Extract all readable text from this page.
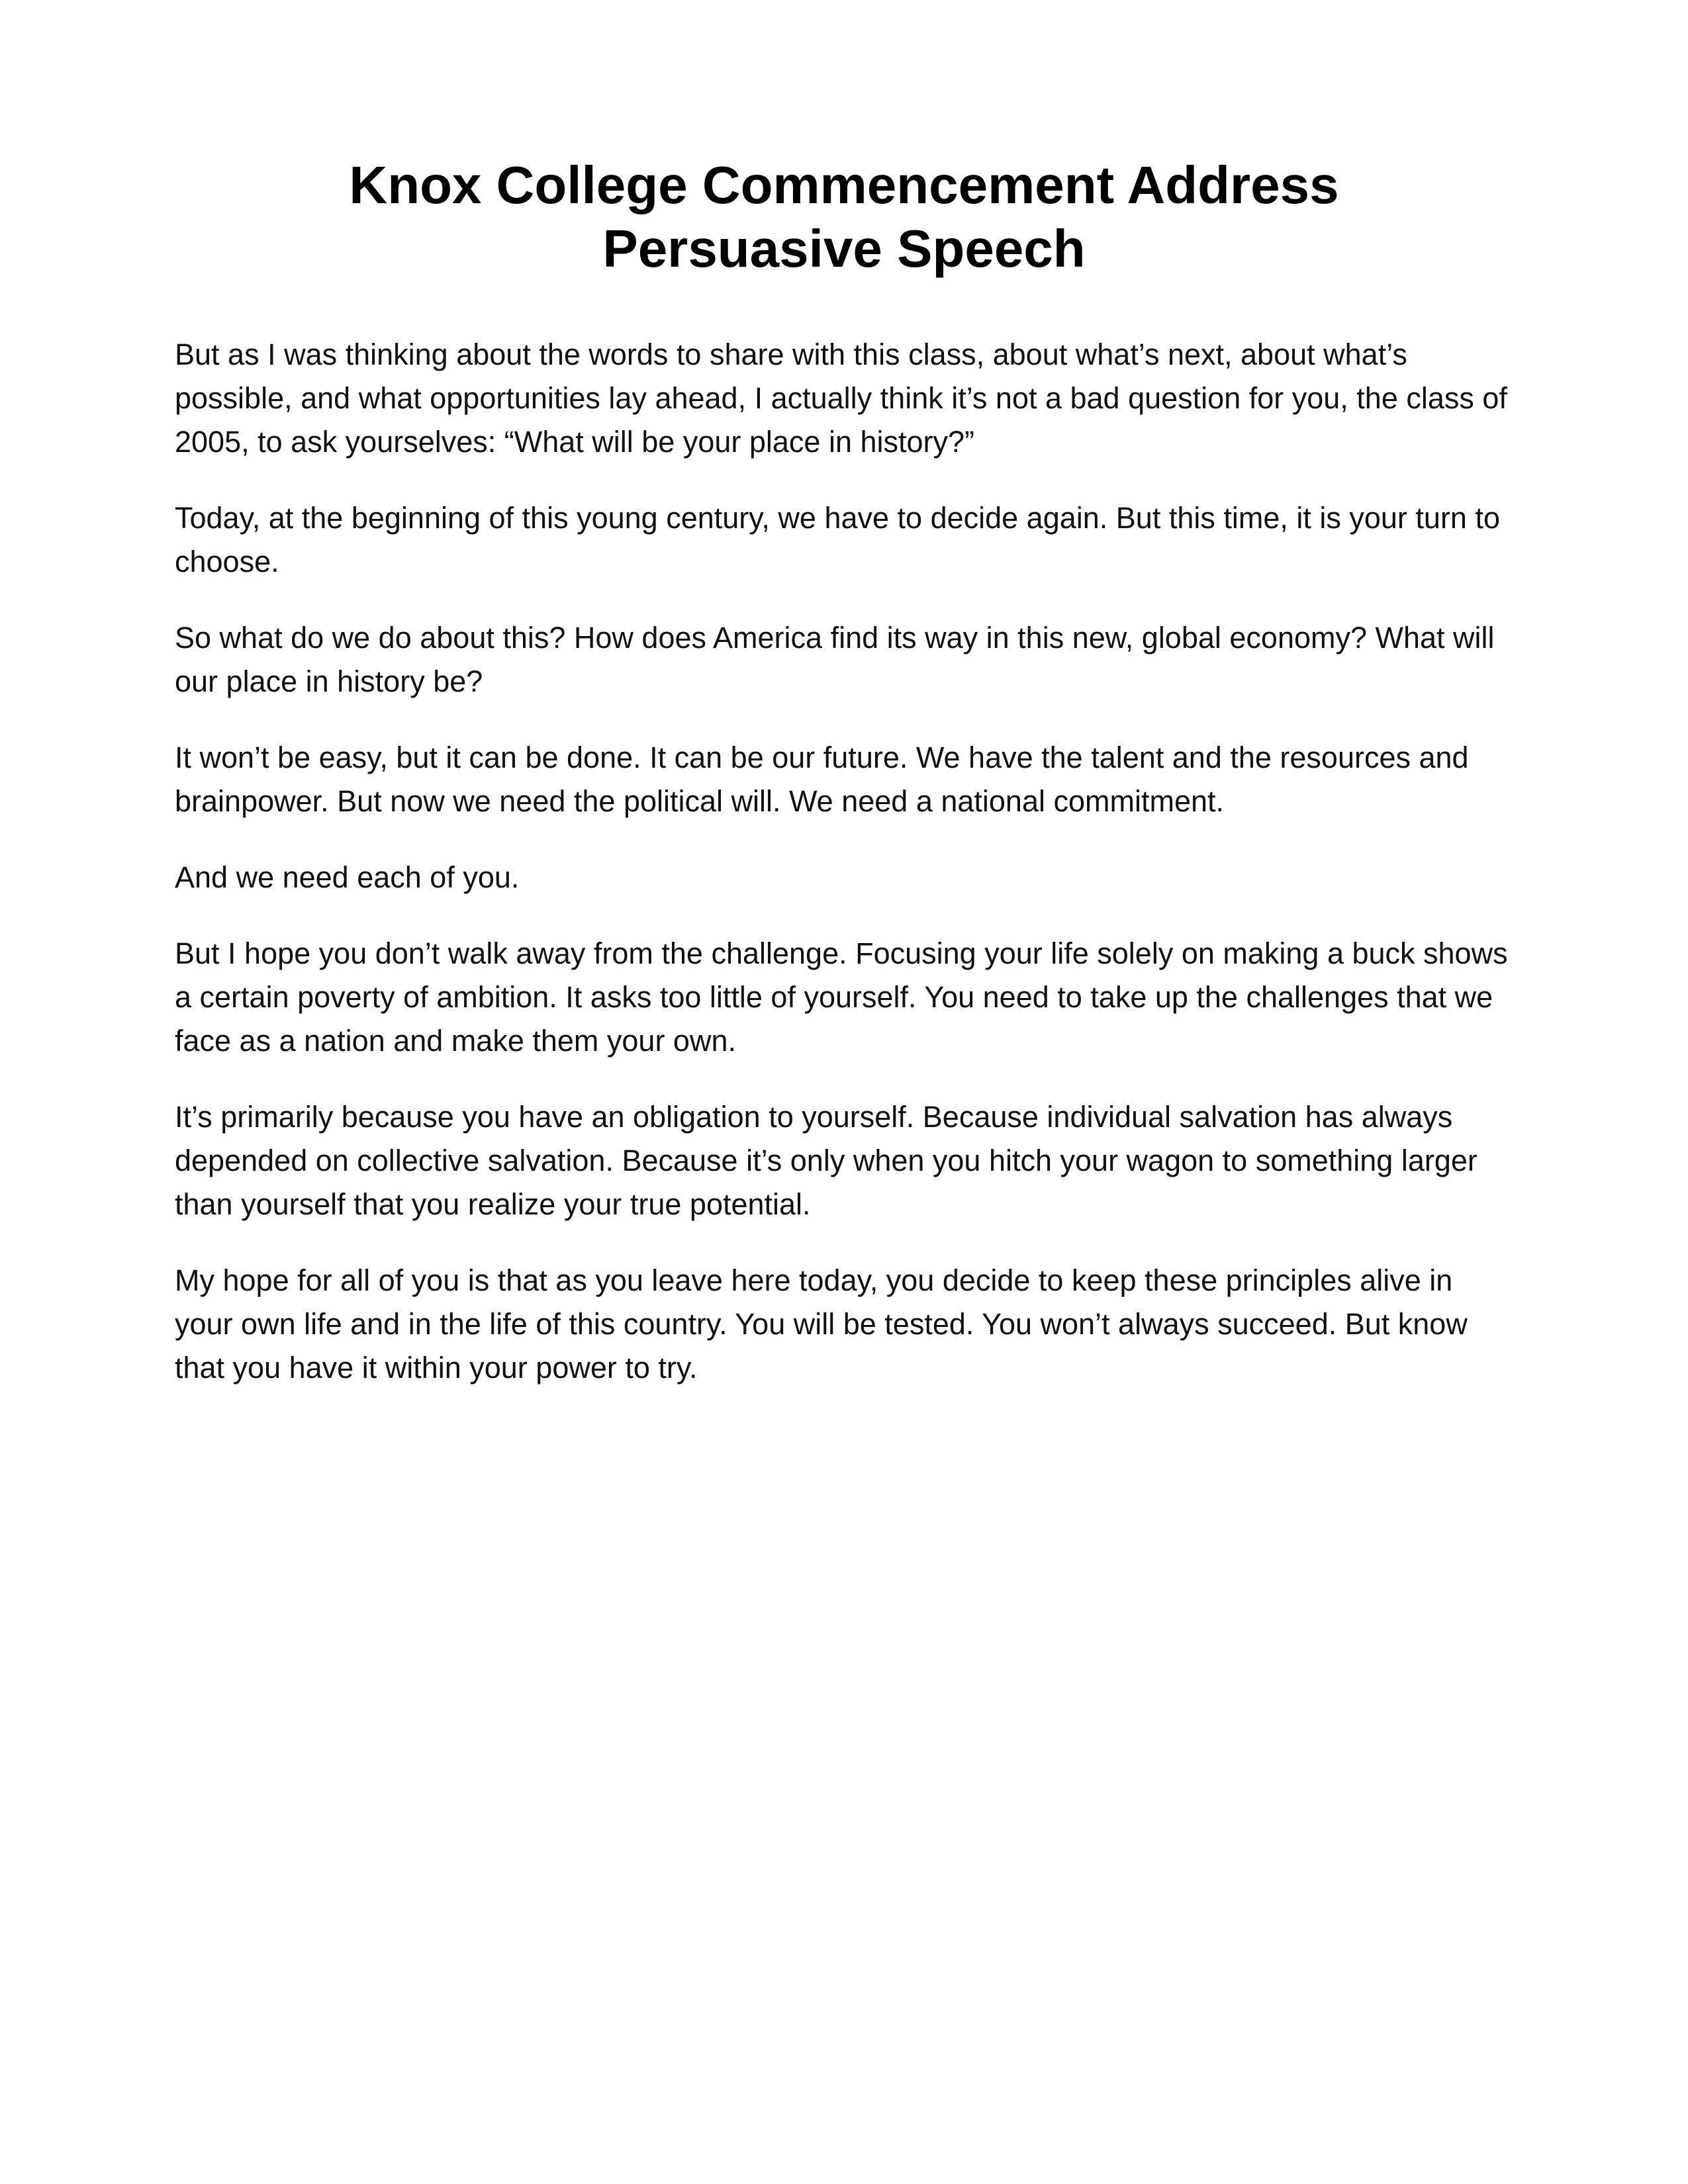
Knox College Commencement Address Persuasive Speech

But as I was thinking about the words to share with this class, about what’s next, about what’s possible, and what opportunities lay ahead, I actually think it’s not a bad question for you, the class of 2005, to ask yourselves: “What will be your place in history?”

Today, at the beginning of this young century, we have to decide again. But this time, it is your turn to choose.

So what do we do about this? How does America find its way in this new, global economy? What will our place in history be?

It won’t be easy, but it can be done. It can be our future. We have the talent and the resources and brainpower. But now we need the political will. We need a national commitment.

And we need each of you.

But I hope you don’t walk away from the challenge. Focusing your life solely on making a buck shows a certain poverty of ambition. It asks too little of yourself. You need to take up the challenges that we face as a nation and make them your own.

It’s primarily because you have an obligation to yourself. Because individual salvation has always depended on collective salvation. Because it’s only when you hitch your wagon to something larger than yourself that you realize your true potential.

My hope for all of you is that as you leave here today, you decide to keep these principles alive in your own life and in the life of this country. You will be tested. You won’t always succeed. But know that you have it within your power to try.
